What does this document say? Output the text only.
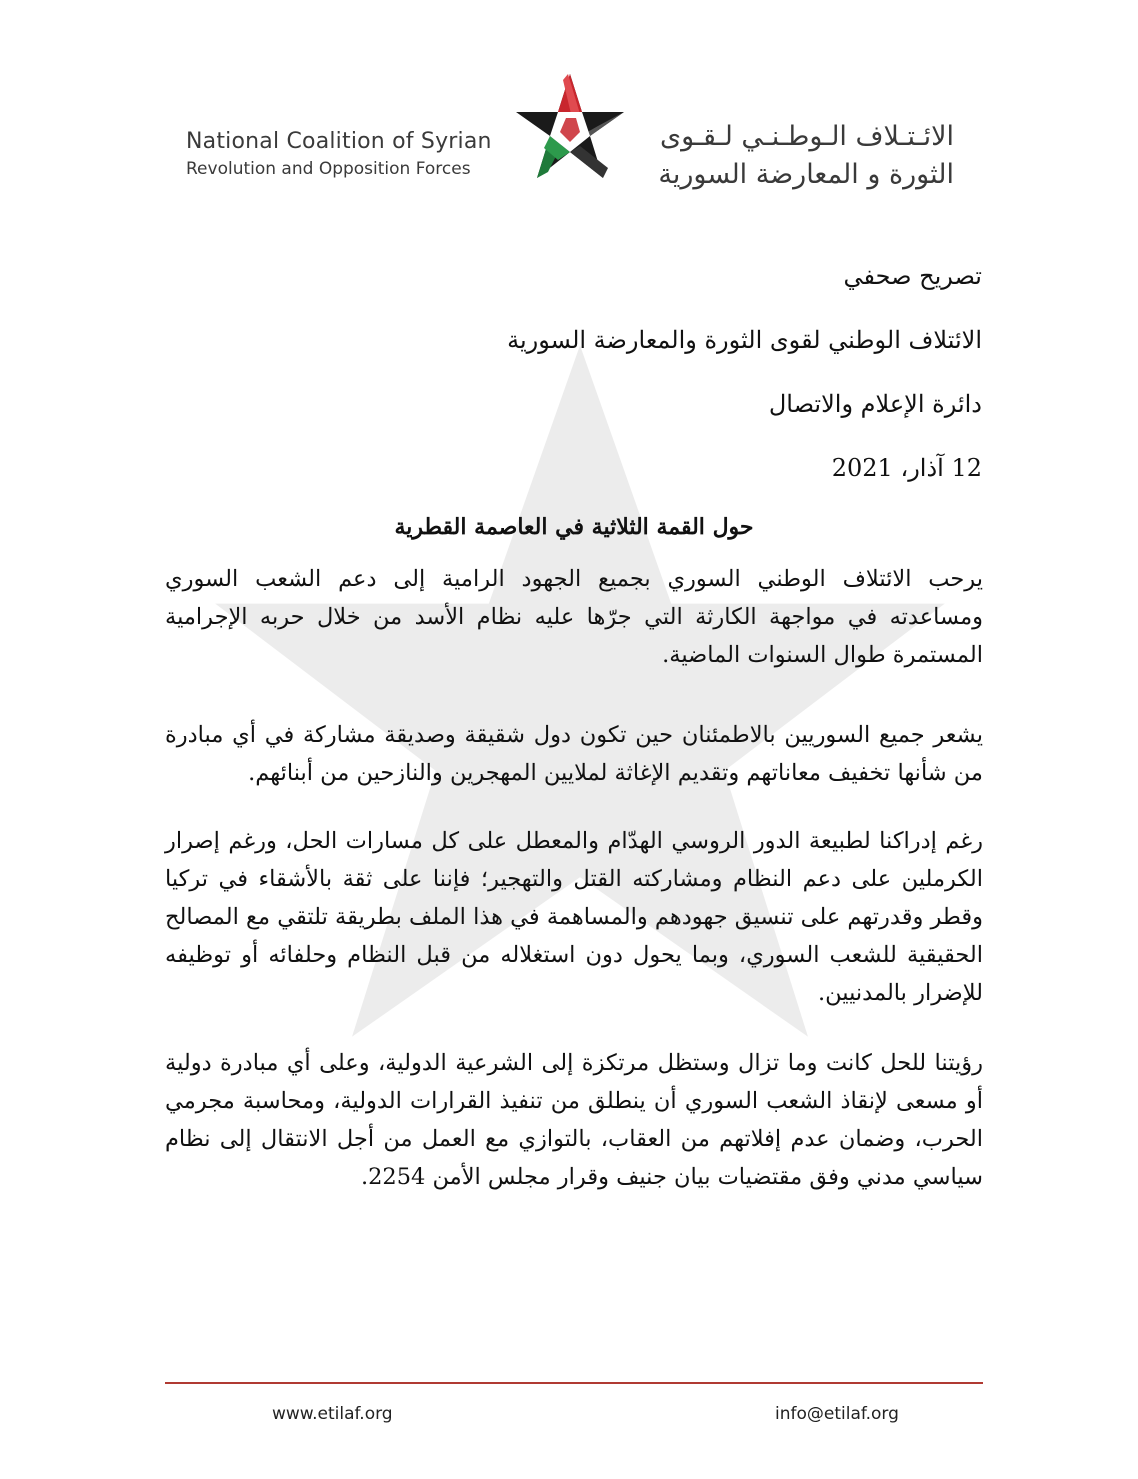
National Coalition of Syrian
Revolution and Opposition Forces
الائـتـلاف الـوطـنـي لـقـوى
الثورة و المعارضة السورية
تصريح صحفي
الائتلاف الوطني لقوى الثورة والمعارضة السورية
دائرة الإعلام والاتصال
12 آذار، 2021
حول القمة الثلاثية في العاصمة القطرية

يرحب الائتلاف الوطني السوري بجميع الجهود الرامية إلى دعم الشعب السوري ومساعدته في مواجهة الكارثة التي جرّها عليه نظام الأسد من خلال حربه الإجرامية المستمرة طوال السنوات الماضية.

يشعر جميع السوريين بالاطمئنان حين تكون دول شقيقة وصديقة مشاركة في أي مبادرة من شأنها تخفيف معاناتهم وتقديم الإغاثة لملايين المهجرين والنازحين من أبنائهم.

رغم إدراكنا لطبيعة الدور الروسي الهدّام والمعطل على كل مسارات الحل، ورغم إصرار الكرملين على دعم النظام ومشاركته القتل والتهجير؛ فإننا على ثقة بالأشقاء في تركيا وقطر وقدرتهم على تنسيق جهودهم والمساهمة في هذا الملف بطريقة تلتقي مع المصالح الحقيقية للشعب السوري، وبما يحول دون استغلاله من قبل النظام وحلفائه أو توظيفه للإضرار بالمدنيين.

رؤيتنا للحل كانت وما تزال وستظل مرتكزة إلى الشرعية الدولية، وعلى أي مبادرة دولية أو مسعى لإنقاذ الشعب السوري أن ينطلق من تنفيذ القرارات الدولية، ومحاسبة مجرمي الحرب، وضمان عدم إفلاتهم من العقاب، بالتوازي مع العمل من أجل الانتقال إلى نظام سياسي مدني وفق مقتضيات بيان جنيف وقرار مجلس الأمن 2254.

www.etilaf.org	info@etilaf.org
